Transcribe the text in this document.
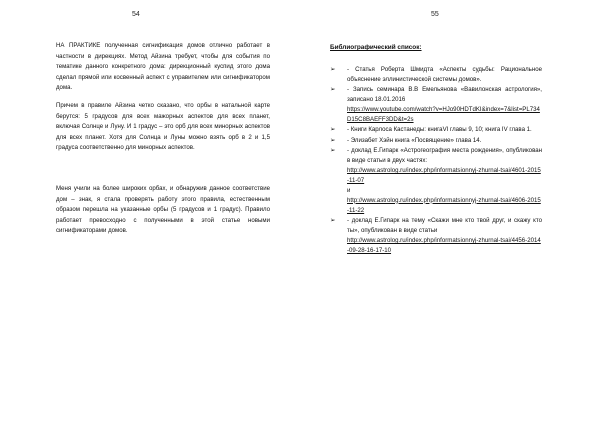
54

НА ПРАКТИКЕ полученная сигнификация домов отлично работает в частности в дирекциях. Метод Айзина требует, чтобы для события по тематике данного конкретного дома: дирекционный куспид этого дома сделал прямой или косвенный аспект с управителем или сигнификатором дома.

Причем в правиле Айзина четко сказано, что орбы в натальной карте берутся: 5 градусов для всех мажорных аспектов для всех планет, включая Солнце и Луну. И 1 градус – это орб для всех минорных аспектов для всех планет. Хотя для Солнца и Луны можно взять орб в 2 и 1,5 градуса соответственно для минорных аспектов.

Меня учили на более широких орбах, и обнаружив данное соответствие дом – знак, я стала проверять работу этого правила, естественным образом перешла на указанные орбы (5 градусов и 1 градус). Правило работает превосходно с полученными в этой статье новыми сигнификаторами домов.

55
Библиографический список:
➢ - Статья Роберта Шмидта «Аспекты судьбы: Рациональное объяснение эллинистической системы домов».
➢ - Запись семинара В.В Емельянова «Вавилонская астрология», записано 18.01.2016
https://www.youtube.com/watch?v=HJo90HDTdKI&index=7&list=PL734D15C8BAEFF3DD&t=2s
➢ - Книги Карлоса Кастанеды: книгаVI главы 9, 10; книга IV глава 1.
➢ - Элизабет Хэйн книга «Посвящение» глава 14.
➢ - доклад Е.Гипарк «Астрогеография места рождения», опубликован в виде статьи в двух частях:
http://www.astrolog.ru/index.php/informatsionnyj-zhurnal-tsai/4601-2015-11-07
и
http://www.astrolog.ru/index.php/informatsionnyj-zhurnal-tsai/4606-2015-11-22
➢ - доклад Е.Гипарк на тему «Скажи мне кто твой друг, и скажу кто ты», опубликован в виде статьи
http://www.astrolog.ru/index.php/informatsionnyj-zhurnal-tsai/4456-2014-09-28-16-17-10
